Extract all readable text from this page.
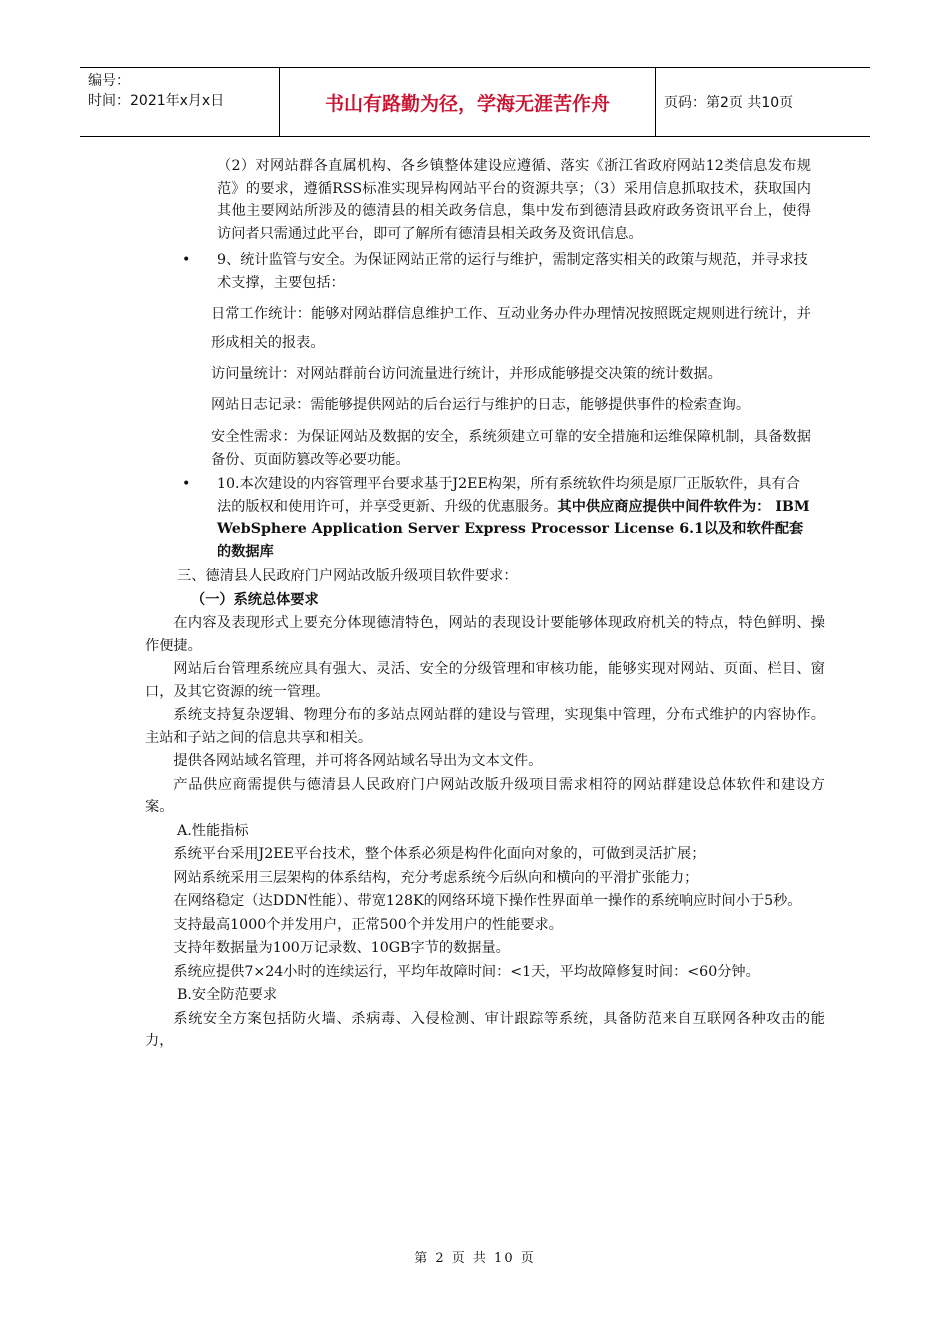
编号：
时间：2021年x月x日	书山有路勤为径，学海无涯苦作舟	页码：第2页 共10页

（2）对网站群各直属机构、各乡镇整体建设应遵循、落实《浙江省政府网站12类信息发布规范》的要求，遵循RSS标准实现异构网站平台的资源共享；（3）采用信息抓取技术，获取国内其他主要网站所涉及的德清县的相关政务信息，集中发布到德清县政府政务资讯平台上，使得访问者只需通过此平台，即可了解所有德清县相关政务及资讯信息。

• 9、统计监管与安全。为保证网站正常的运行与维护，需制定落实相关的政策与规范，并寻求技术支撑，主要包括：

日常工作统计：能够对网站群信息维护工作、互动业务办件办理情况按照既定规则进行统计，并形成相关的报表。

访问量统计：对网站群前台访问流量进行统计，并形成能够提交决策的统计数据。

网站日志记录：需能够提供网站的后台运行与维护的日志，能够提供事件的检索查询。

安全性需求：为保证网站及数据的安全，系统须建立可靠的安全措施和运维保障机制，具备数据备份、页面防篡改等必要功能。

• 10.本次建设的内容管理平台要求基于J2EE构架，所有系统软件均须是原厂正版软件，具有合法的版权和使用许可，并享受更新、升级的优惠服务。其中供应商应提供中间件软件为： IBM WebSphere Application Server Express Processor License 6.1以及和软件配套的数据库

三、德清县人民政府门户网站改版升级项目软件要求：

（一）系统总体要求

在内容及表现形式上要充分体现德清特色，网站的表现设计要能够体现政府机关的特点，特色鲜明、操作便捷。

网站后台管理系统应具有强大、灵活、安全的分级管理和审核功能，能够实现对网站、页面、栏目、窗口，及其它资源的统一管理。

系统支持复杂逻辑、物理分布的多站点网站群的建设与管理，实现集中管理，分布式维护的内容协作。主站和子站之间的信息共享和相关。

提供各网站域名管理，并可将各网站域名导出为文本文件。

产品供应商需提供与德清县人民政府门户网站改版升级项目需求相符的网站群建设总体软件和建设方案。

A.性能指标

系统平台采用J2EE平台技术，整个体系必须是构件化面向对象的，可做到灵活扩展；

网站系统采用三层架构的体系结构，充分考虑系统今后纵向和横向的平滑扩张能力；

在网络稳定（达DDN性能）、带宽128K的网络环境下操作性界面单一操作的系统响应时间小于5秒。

支持最高1000个并发用户，正常500个并发用户的性能要求。

支持年数据量为100万记录数、10GB字节的数据量。

系统应提供7×24小时的连续运行，平均年故障时间：<1天，平均故障修复时间：<60分钟。

B.安全防范要求

系统安全方案包括防火墙、杀病毒、入侵检测、审计跟踪等系统，具备防范来自互联网各种攻击的能力，

第 2 页 共 10 页
